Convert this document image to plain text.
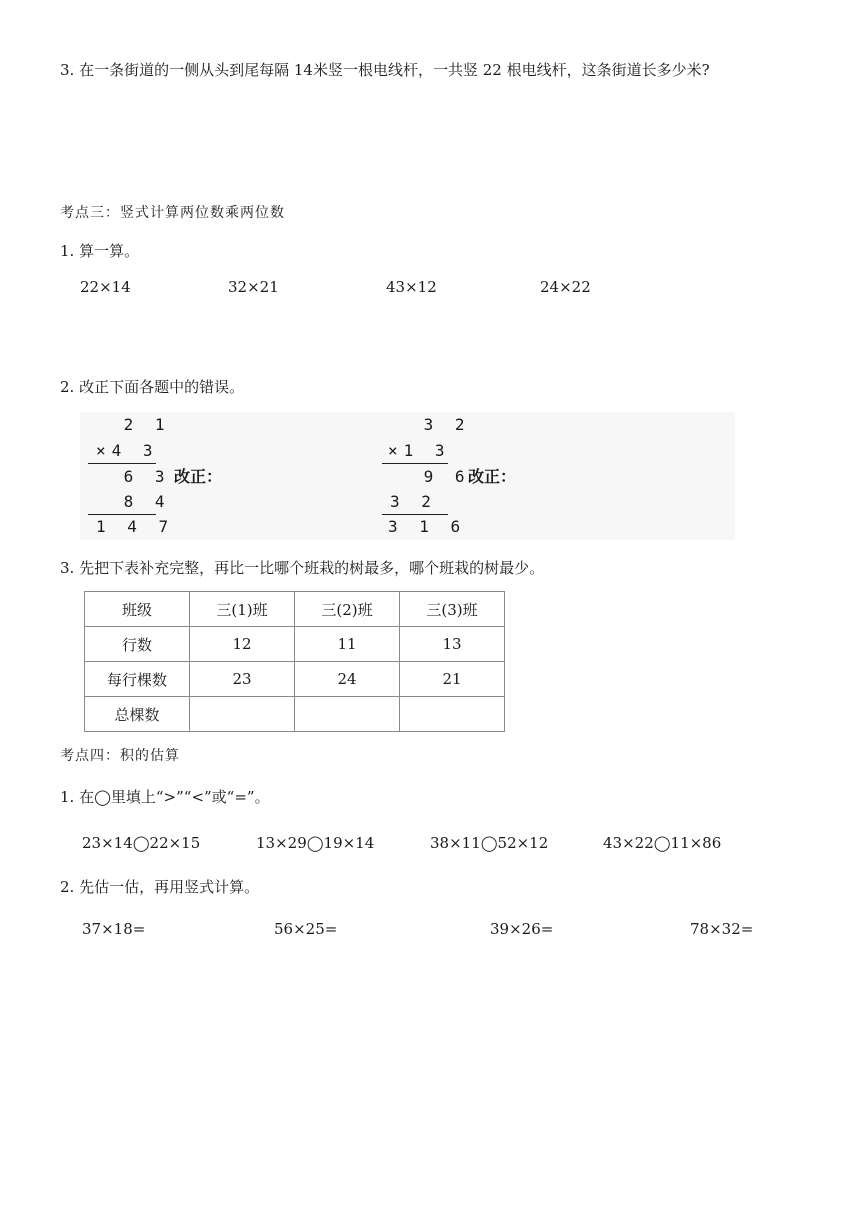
3. 在一条街道的一侧从头到尾每隔 14米竖一根电线杆，一共竖 22 根电线杆，这条街道长多少米?
考点三：竖式计算两位数乘两位数
1. 算一算。
22×14	32×21	43×12	24×22
2. 改正下面各题中的错误。
2 1
×4 3
6 3
8 4
1 4 7
改正：
3 2
×1 3
9 6
3 2
3 1 6
改正：
3. 先把下表补充完整，再比一比哪个班栽的树最多，哪个班栽的树最少。
班级	三(1)班	三(2)班	三(3)班
行数	12	11	13
每行棵数	23	24	21
总棵数			
考点四：积的估算
1. 在◯里填上“>”“<”或“=”。
23×14◯22×15	13×29◯19×14	38×11◯52×12	43×22◯11×86
2. 先估一估，再用竖式计算。
37×18=	56×25=	39×26=	78×32=
